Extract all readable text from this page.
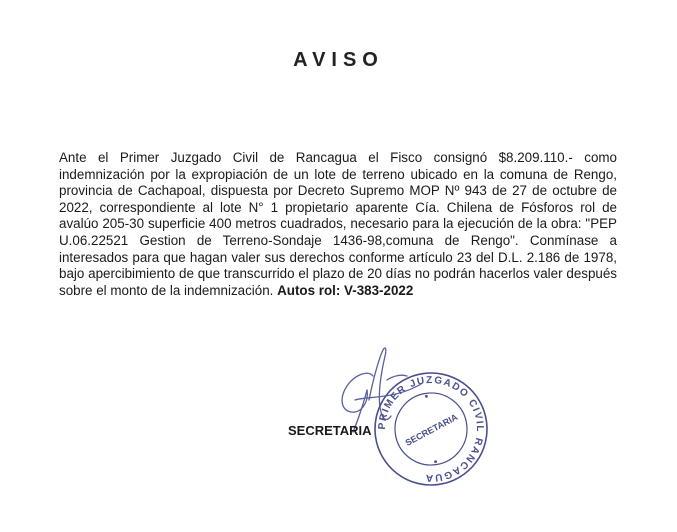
AVISO
Ante el Primer Juzgado Civil de Rancagua el Fisco consignó $8.209.110.- como indemnización por la expropiación de un lote de terreno ubicado en la comuna de Rengo, provincia de Cachapoal, dispuesta por Decreto Supremo MOP Nº 943 de 27 de octubre de 2022, correspondiente al lote N° 1 propietario aparente Cía. Chilena de Fósforos rol de avalúo 205-30 superficie 400 metros cuadrados, necesario para la ejecución de la obra: "PEP U.06.22521 Gestion de Terreno-Sondaje 1436-98,comuna de Rengo". Conmínase a interesados para que hagan valer sus derechos conforme artículo 23 del D.L. 2.186 de 1978, bajo apercibimiento de que transcurrido el plazo de 20 días no podrán hacerlos valer después sobre el monto de la indemnización. Autos rol: V-383-2022
PRIMER JUZGADO CIVIL RANCAGUA
SECRETARIA
SECRETARIA
